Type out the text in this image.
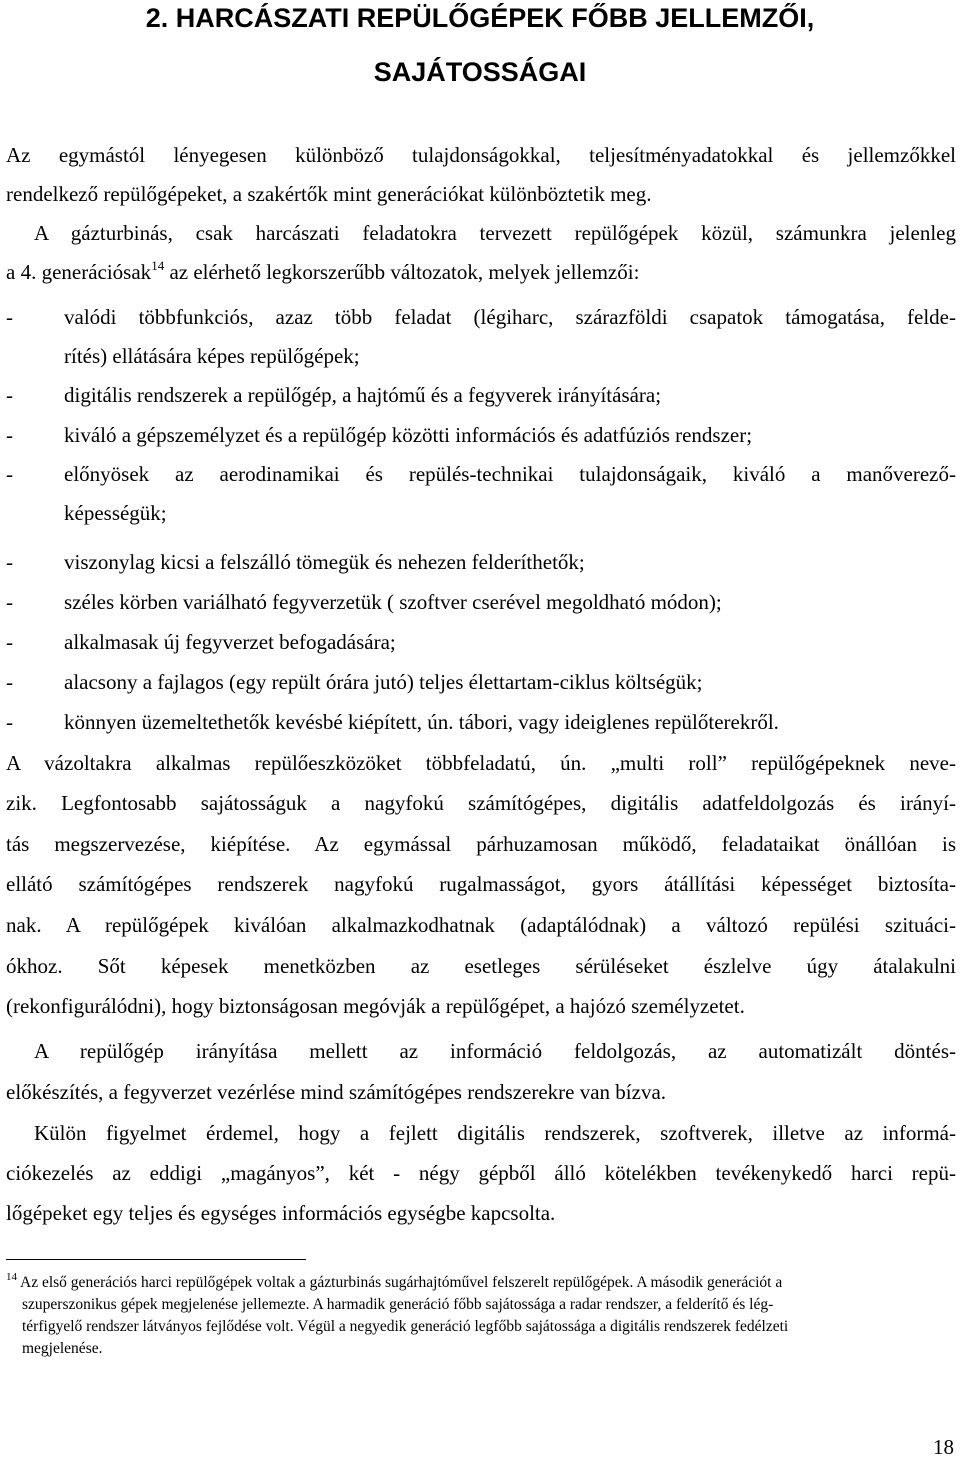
2. HARCÁSZATI REPÜLŐGÉPEK FŐBB JELLEMZŐI,
SAJÁTOSSÁGAI
Az egymástól lényegesen különböző tulajdonságokkal, teljesítményadatokkal és jellemzőkkel
rendelkező repülőgépeket, a szakértők mint generációkat különböztetik meg.
A gázturbinás, csak harcászati feladatokra tervezett repülőgépek közül, számunkra jelenleg
a 4. generációsak$^{14}$ az elérhető legkorszerűbb változatok, melyek jellemzői:
-	valódi többfunkciós, azaz több feladat (légiharc, szárazföldi csapatok támogatása, felde-
rítés) ellátására képes repülőgépek;
-	digitális rendszerek a repülőgép, a hajtómű és a fegyverek irányítására;
-	kiváló a gépszemélyzet és a repülőgép közötti információs és adatfúziós rendszer;
-	előnyösek az aerodinamikai és repülés-technikai tulajdonságaik, kiváló a manőverező-
képességük;
-	viszonylag kicsi a felszálló tömegük és nehezen felderíthetők;
-	széles körben variálható fegyverzetük ( szoftver cserével megoldható módon);
-	alkalmasak új fegyverzet befogadására;
-	alacsony a fajlagos (egy repült órára jutó) teljes élettartam-ciklus költségük;
-	könnyen üzemeltethetők kevésbé kiépített, ún. tábori, vagy ideiglenes repülőterekről.
A vázoltakra alkalmas repülőeszközöket többfeladatú, ún. „multi roll” repülőgépeknek neve-
zik. Legfontosabb sajátosságuk a nagyfokú számítógépes, digitális adatfeldolgozás és irányí-
tás megszervezése, kiépítése. Az egymással párhuzamosan működő, feladataikat önállóan is
ellátó számítógépes rendszerek nagyfokú rugalmasságot, gyors átállítási képességet biztosíta-
nak. A repülőgépek kiválóan alkalmazkodhatnak (adaptálódnak) a változó repülési szituáci-
ókhoz. Sőt képesek menetközben az esetleges sérüléseket észlelve úgy átalakulni
(rekonfigurálódni), hogy biztonságosan megóvják a repülőgépet, a hajózó személyzetet.
A repülőgép irányítása mellett az információ feldolgozás, az automatizált döntés-
előkészítés, a fegyverzet vezérlése mind számítógépes rendszerekre van bízva.
Külön figyelmet érdemel, hogy a fejlett digitális rendszerek, szoftverek, illetve az informá-
ciókezelés az eddigi „magányos”, két - négy gépből álló kötelékben tevékenykedő harci repü-
lőgépeket egy teljes és egységes információs egységbe kapcsolta.
$^{14}$ Az első generációs harci repülőgépek voltak a gázturbinás sugárhajtóművel felszerelt repülőgépek. A második generációt a
szuperszonikus gépek megjelenése jellemezte. A harmadik generáció főbb sajátossága a radar rendszer, a felderítő és lég-
térfigyelő rendszer látványos fejlődése volt. Végül a negyedik generáció legfőbb sajátossága a digitális rendszerek fedélzeti
megjelenése.
18
